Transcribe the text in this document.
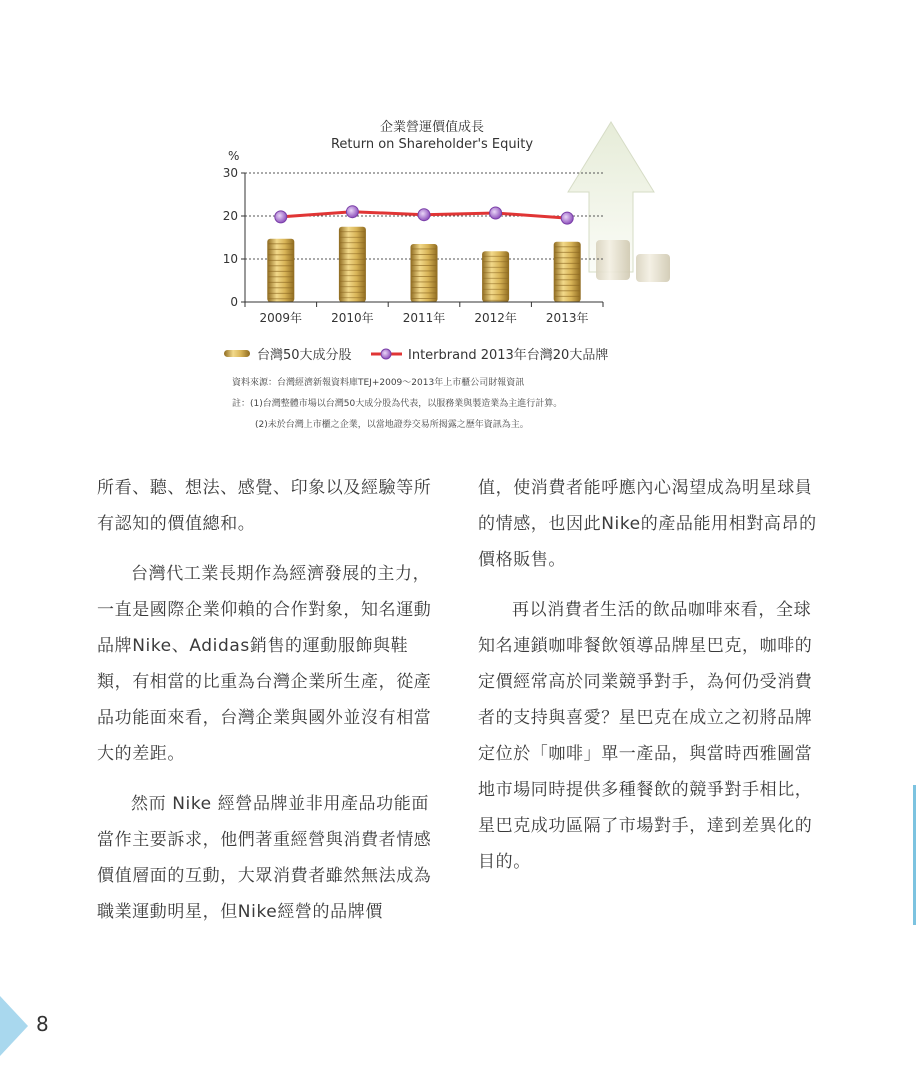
企業營運價值成長
Return on Shareholder's Equity
%
0
10
20
30
2009年 2010年 2011年 2012年 2013年
台灣50大成分股	Interbrand 2013年台灣20大品牌
資料來源：台灣經濟新報資料庫TEJ+2009～2013年上市櫃公司財報資訊
註：(1)台灣整體市場以台灣50大成分股為代表，以服務業與製造業為主進行計算。
(2)未於台灣上市櫃之企業，以當地證券交易所揭露之歷年資訊為主。

所看、聽、想法、感覺、印象以及經驗等所有認知的價值總和。

台灣代工業長期作為經濟發展的主力，一直是國際企業仰賴的合作對象，知名運動品牌Nike、Adidas銷售的運動服飾與鞋類，有相當的比重為台灣企業所生產，從產品功能面來看，台灣企業與國外並沒有相當大的差距。

然而 Nike 經營品牌並非用產品功能面當作主要訴求，他們著重經營與消費者情感價值層面的互動，大眾消費者雖然無法成為職業運動明星，但Nike經營的品牌價

值，使消費者能呼應內心渴望成為明星球員的情感，也因此Nike的產品能用相對高昂的價格販售。

再以消費者生活的飲品咖啡來看，全球知名連鎖咖啡餐飲領導品牌星巴克，咖啡的定價經常高於同業競爭對手，為何仍受消費者的支持與喜愛？星巴克在成立之初將品牌定位於「咖啡」單一產品，與當時西雅圖當地市場同時提供多種餐飲的競爭對手相比，星巴克成功區隔了市場對手，達到差異化的目的。

8
